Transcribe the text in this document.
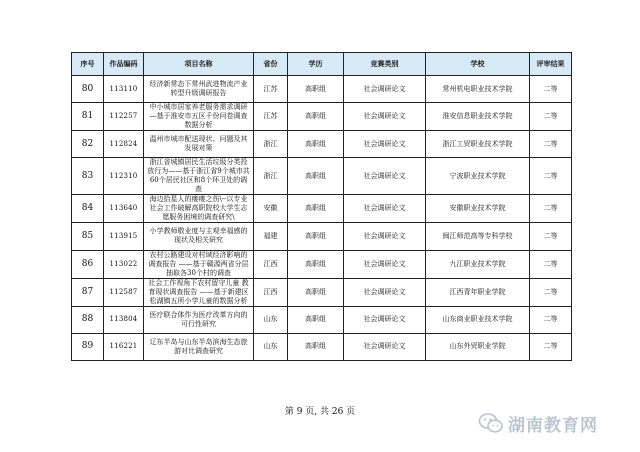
序号	作品编码	项目名称	省份	学历	竞赛类别	学校	评审结果
80	113110	经济新常态下常州武进物流产业转型升级调研报告	江苏	高职组	社会调研论文	常州机电职业技术学院	二等
81	112257	中小城市居家养老服务需求调研—基于淮安市五区千份问卷调查数据分析	江苏	高职组	社会调研论文	淮安信息职业技术学院	二等
82	112824	温州市城市配送现状、问题及其发展对策	浙江	高职组	社会调研论文	浙江工贸职业技术学院	二等
83	112310	浙江省城镇居民生活垃圾分类投放行为——基于浙江省9个城市共60个居民社区和8个环卫处的调查	浙江	高职组	社会调研论文	宁波职业技术学院	二等
84	113640	海边拾星人的瘘瘘之伤\--以专业社会工作破解高职院校大学生志愿服务困境的调查研究\	安徽	高职组	社会调研论文	安徽职业技术学院	二等
85	113915	小学教师敬业度与主观幸福感的现状及相关研究	福建	高职组	社会调研论文	闽江师范高等专科学校	二等
86	113022	农村公路建设对村域经济影响的调查报告 ——基于赣源两省分层抽取各30个村的调查	江西	高职组	社会调研论文	九江职业技术学院	二等
87	112587	社会工作视角下农村留守儿童 教育现状调查报告 ——基于新建区松湖镇五所小学儿童的数据分析	江西	高职组	社会调研论文	江西青年职业学院	二等
88	113804	医疗联合体作为医疗改革方向的可行性研究	山东	高职组	社会调研论文	山东商业职业技术学院	二等
89	116221	辽东半岛与山东半岛滨海生态旅游对比调查研究	山东	高职组	社会调研论文	山东外贸职业学院	二等
第 9 页, 共 26 页
湖南教育网
